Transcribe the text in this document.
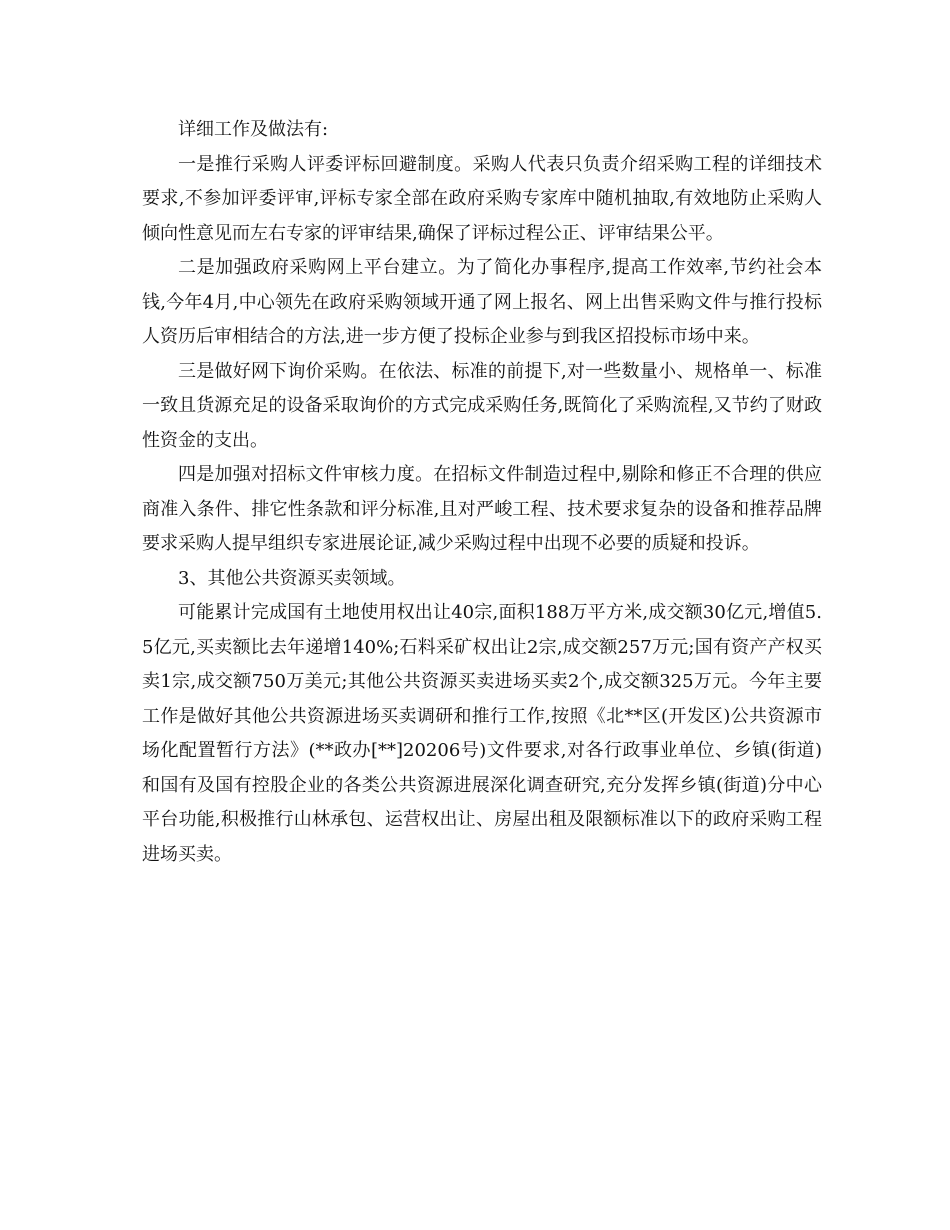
详细工作及做法有:

一是推行采购人评委评标回避制度。采购人代表只负责介绍采购工程的详细技术要求,不参加评委评审,评标专家全部在政府采购专家库中随机抽取,有效地防止采购人倾向性意见而左右专家的评审结果,确保了评标过程公正、评审结果公平。

二是加强政府采购网上平台建立。为了简化办事程序,提高工作效率,节约社会本钱,今年4月,中心领先在政府采购领域开通了网上报名、网上出售采购文件与推行投标人资历后审相结合的方法,进一步方便了投标企业参与到我区招投标市场中来。

三是做好网下询价采购。在依法、标准的前提下,对一些数量小、规格单一、标准一致且货源充足的设备采取询价的方式完成采购任务,既简化了采购流程,又节约了财政性资金的支出。

四是加强对招标文件审核力度。在招标文件制造过程中,剔除和修正不合理的供应商准入条件、排它性条款和评分标准,且对严峻工程、技术要求复杂的设备和推荐品牌要求采购人提早组织专家进展论证,减少采购过程中出现不必要的质疑和投诉。

3、其他公共资源买卖领域。

可能累计完成国有土地使用权出让40宗,面积188万平方米,成交额30亿元,增值5.5亿元,买卖额比去年递增140%;石料采矿权出让2宗,成交额257万元;国有资产产权买卖1宗,成交额750万美元;其他公共资源买卖进场买卖2个,成交额325万元。今年主要工作是做好其他公共资源进场买卖调研和推行工作,按照《北**区(开发区)公共资源市场化配置暂行方法》(**政办[**]20206号)文件要求,对各行政事业单位、乡镇(街道)和国有及国有控股企业的各类公共资源进展深化调查研究,充分发挥乡镇(街道)分中心平台功能,积极推行山林承包、运营权出让、房屋出租及限额标准以下的政府采购工程进场买卖。
